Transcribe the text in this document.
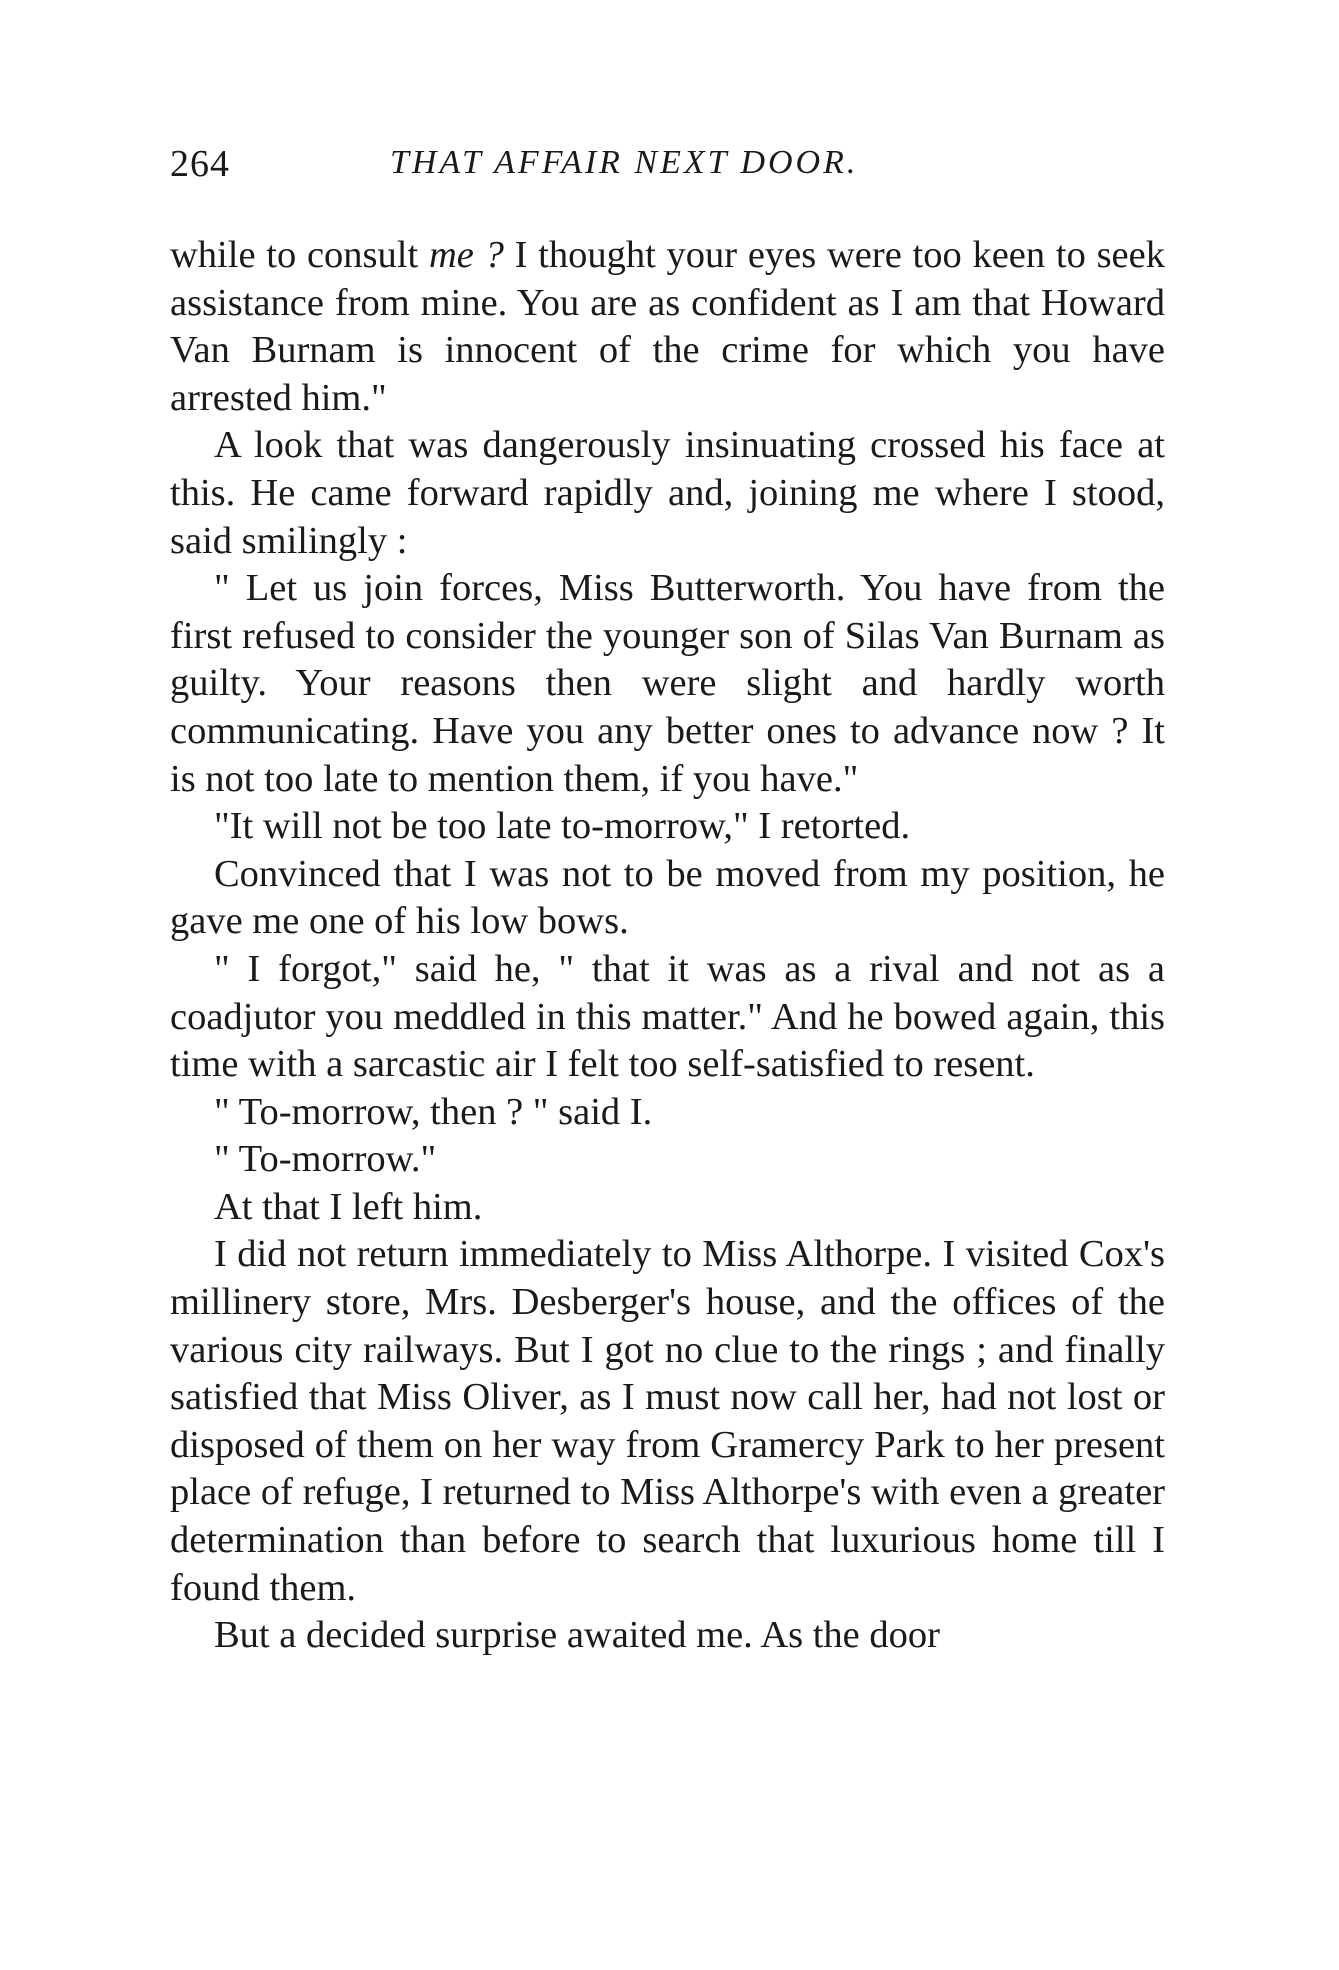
264	THAT AFFAIR NEXT DOOR.

while to consult me ? I thought your eyes were too keen to seek assistance from mine. You are as confident as I am that Howard Van Burnam is innocent of the crime for which you have arrested him."

A look that was dangerously insinuating crossed his face at this. He came forward rapidly and, joining me where I stood, said smilingly :

" Let us join forces, Miss Butterworth. You have from the first refused to consider the younger son of Silas Van Burnam as guilty. Your reasons then were slight and hardly worth communicating. Have you any better ones to advance now ? It is not too late to mention them, if you have."

"It will not be too late to-morrow," I retorted.

Convinced that I was not to be moved from my position, he gave me one of his low bows.

" I forgot," said he, " that it was as a rival and not as a coadjutor you meddled in this matter." And he bowed again, this time with a sarcastic air I felt too self-satisfied to resent.

" To-morrow, then ? " said I.

" To-morrow."

At that I left him.

I did not return immediately to Miss Althorpe. I visited Cox's millinery store, Mrs. Desberger's house, and the offices of the various city railways. But I got no clue to the rings ; and finally satisfied that Miss Oliver, as I must now call her, had not lost or disposed of them on her way from Gramercy Park to her present place of refuge, I returned to Miss Althorpe's with even a greater determination than before to search that luxurious home till I found them.

But a decided surprise awaited me. As the door
